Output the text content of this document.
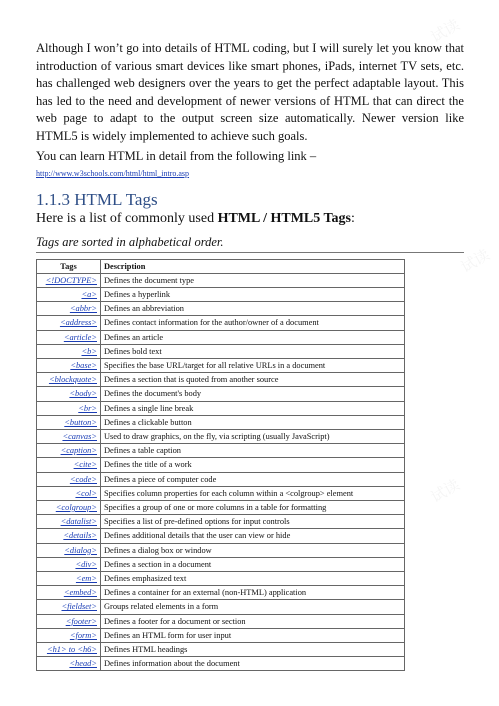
Although I won’t go into details of HTML coding, but I will surely let you know that introduction of various smart devices like smart phones, iPads, internet TV sets, etc. has challenged web designers over the years to get the perfect adaptable layout. This has led to the need and development of newer versions of HTML that can direct the web page to adapt to the output screen size automatically. Newer version like HTML5 is widely implemented to achieve such goals.

You can learn HTML in detail from the following link –

http://www.w3schools.com/html/html_intro.asp
1.1.3 HTML Tags

Here is a list of commonly used HTML / HTML5 Tags:

Tags are sorted in alphabetical order.
Tags	Description
<!DOCTYPE>	Defines the document type
<a>	Defines a hyperlink
<abbr>	Defines an abbreviation
<address>	Defines contact information for the author/owner of a document
<article>	Defines an article
<b>	Defines bold text
<base>	Specifies the base URL/target for all relative URLs in a document
<blockquote>	Defines a section that is quoted from another source
<body>	Defines the document's body
<br>	Defines a single line break
<button>	Defines a clickable button
<canvas>	Used to draw graphics, on the fly, via scripting (usually JavaScript)
<caption>	Defines a table caption
<cite>	Defines the title of a work
<code>	Defines a piece of computer code
<col>	Specifies column properties for each column within a <colgroup> element
<colgroup>	Specifies a group of one or more columns in a table for formatting
<datalist>	Specifies a list of pre-defined options for input controls
<details>	Defines additional details that the user can view or hide
<dialog>	Defines a dialog box or window
<div>	Defines a section in a document
<em>	Defines emphasized text
<embed>	Defines a container for an external (non-HTML) application
<fieldset>	Groups related elements in a form
<footer>	Defines a footer for a document or section
<form>	Defines an HTML form for user input
<h1> to <h6>	Defines HTML headings
<head>	Defines information about the document
试读
试读
试读
